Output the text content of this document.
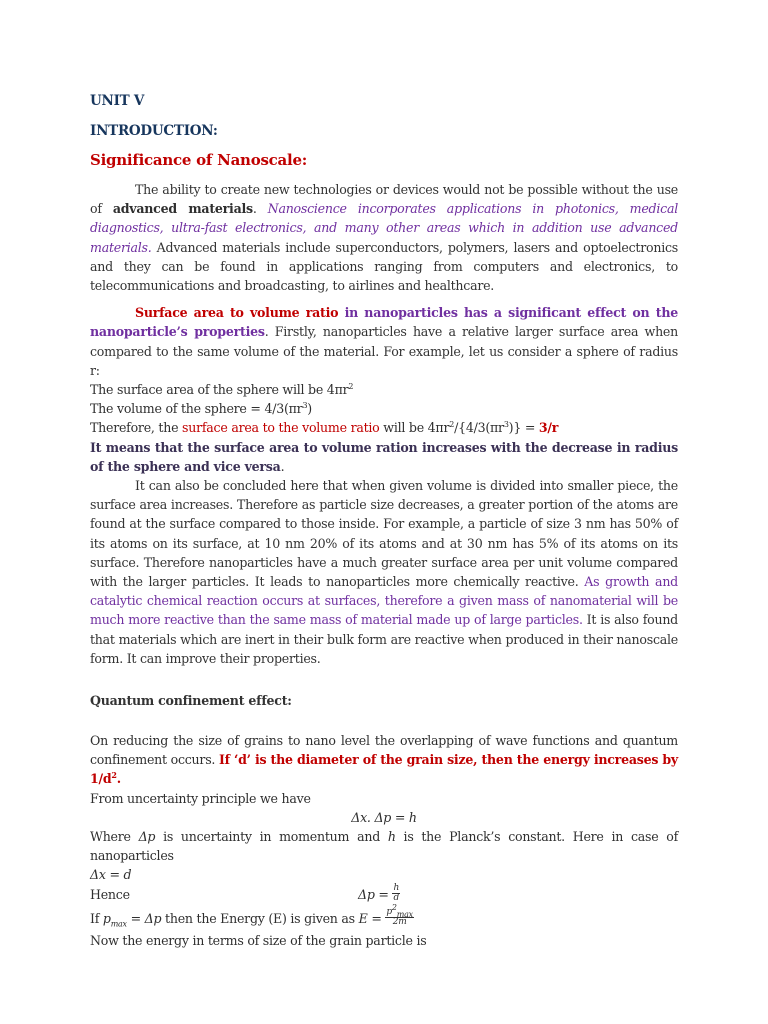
UNIT V
INTRODUCTION:
Significance of Nanoscale:

The ability to create new technologies or devices would not be possible without the use of advanced materials. Nanoscience incorporates applications in photonics, medical diagnostics, ultra-fast electronics, and many other areas which in addition use advanced materials. Advanced materials include superconductors, polymers, lasers and optoelectronics and they can be found in applications ranging from computers and electronics, to telecommunications and broadcasting, to airlines and healthcare.

Surface area to volume ratio in nanoparticles has a significant effect on the nanoparticle’s properties. Firstly, nanoparticles have a relative larger surface area when compared to the same volume of the material. For example, let us consider a sphere of radius r:

The surface area of the sphere will be $4\pi r^2$

The volume of the sphere = $4/3(\pi r^3)$

Therefore, the surface area to the volume ratio will be $4\pi r^2/\{4/3(\pi r^3)\} = 3/r$

It means that the surface area to volume ration increases with the decrease in radius of the sphere and vice versa.

It can also be concluded here that when given volume is divided into smaller piece, the surface area increases. Therefore as particle size decreases, a greater portion of the atoms are found at the surface compared to those inside. For example, a particle of size 3 nm has 50% of its atoms on its surface, at 10 nm 20% of its atoms and at 30 nm has 5% of its atoms on its surface. Therefore nanoparticles have a much greater surface area per unit volume compared with the larger particles. It leads to nanoparticles more chemically reactive. As growth and catalytic chemical reaction occurs at surfaces, therefore a given mass of nanomaterial will be much more reactive than the same mass of material made up of large particles. It is also found that materials which are inert in their bulk form are reactive when produced in their nanoscale form. It can improve their properties.

Quantum confinement effect:

On reducing the size of grains to nano level the overlapping of wave functions and quantum confinement occurs. If ‘d’ is the diameter of the grain size, then the energy increases by $1/d^2$.

From uncertainty principle we have

Δx. Δp = h

Where Δp is uncertainty in momentum and h is the Planck’s constant. Here in case of nanoparticles

Δx = d

Hence	$\Delta p = \frac{h}{d}$

If $p_{max} = \Delta p$ then the Energy (E) is given as $E = \frac{p^2_{max}}{2m}$

Now the energy in terms of size of the grain particle is
